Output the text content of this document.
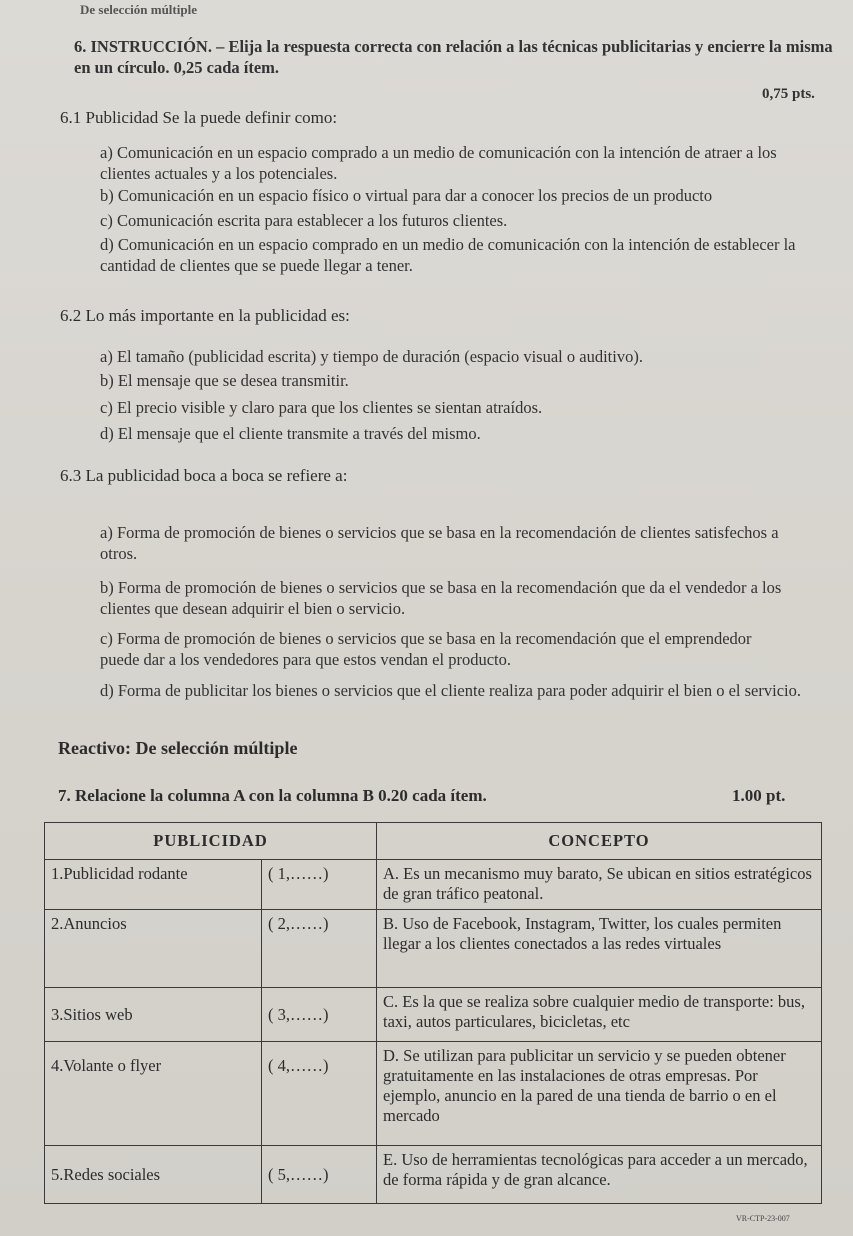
De selección múltiple
6. INSTRUCCIÓN. – Elija la respuesta correcta con relación a las técnicas publicitarias y encierre la misma en un círculo. 0,25 cada ítem.
0,75 pts.
6.1 Publicidad Se la puede definir como:
a) Comunicación en un espacio comprado a un medio de comunicación con la intención de atraer a los clientes actuales y a los potenciales.
b) Comunicación en un espacio físico o virtual para dar a conocer los precios de un producto
c) Comunicación escrita para establecer a los futuros clientes.
d) Comunicación en un espacio comprado en un medio de comunicación con la intención de establecer la cantidad de clientes que se puede llegar a tener.
6.2 Lo más importante en la publicidad es:
a) El tamaño (publicidad escrita) y tiempo de duración (espacio visual o auditivo).
b) El mensaje que se desea transmitir.
c) El precio visible y claro para que los clientes se sientan atraídos.
d) El mensaje que el cliente transmite a través del mismo.
6.3 La publicidad boca a boca se refiere a:
a) Forma de promoción de bienes o servicios que se basa en la recomendación de clientes satisfechos a otros.
b) Forma de promoción de bienes o servicios que se basa en la recomendación que da el vendedor a los clientes que desean adquirir el bien o servicio.
c) Forma de promoción de bienes o servicios que se basa en la recomendación que el emprendedor puede dar a los vendedores para que estos vendan el producto.
d) Forma de publicitar los bienes o servicios que el cliente realiza para poder adquirir el bien o el servicio.
Reactivo: De selección múltiple
7. Relacione la columna A con la columna B 0.20 cada ítem.	1.00 pt.
PUBLICIDAD		CONCEPTO
1.Publicidad rodante	( 1,……)	A. Es un mecanismo muy barato, Se ubican en sitios estratégicos de gran tráfico peatonal.
2.Anuncios	( 2,……)	B. Uso de Facebook, Instagram, Twitter, los cuales permiten llegar a los clientes conectados a las redes virtuales
3.Sitios web	( 3,……)	C. Es la que se realiza sobre cualquier medio de transporte: bus, taxi, autos particulares, bicicletas, etc
4.Volante o flyer	( 4,……)	D. Se utilizan para publicitar un servicio y se pueden obtener gratuitamente en las instalaciones de otras empresas. Por ejemplo, anuncio en la pared de una tienda de barrio o en el mercado
5.Redes sociales	( 5,……)	E. Uso de herramientas tecnológicas para acceder a un mercado, de forma rápida y de gran alcance.
VR-CTP-23-007
